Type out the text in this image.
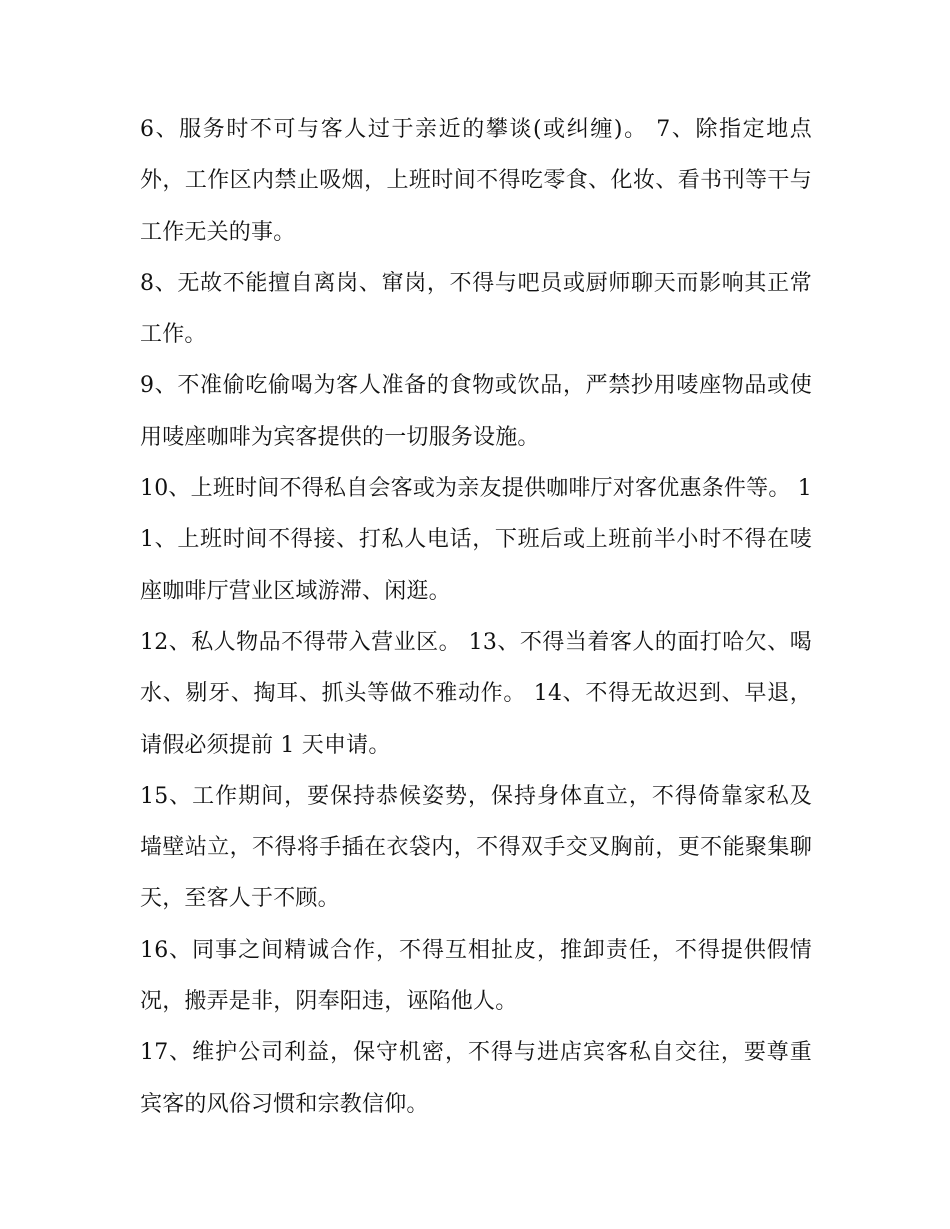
6、服务时不可与客人过于亲近的攀谈(或纠缠)。 7、除指定地点外，工作区内禁止吸烟，上班时间不得吃零食、化妆、看书刊等干与工作无关的事。

8、无故不能擅自离岗、窜岗，不得与吧员或厨师聊天而影响其正常工作。

9、不准偷吃偷喝为客人准备的食物或饮品，严禁抄用唛座物品或使用唛座咖啡为宾客提供的一切服务设施。

10、上班时间不得私自会客或为亲友提供咖啡厅对客优惠条件等。 11、上班时间不得接、打私人电话，下班后或上班前半小时不得在唛座咖啡厅营业区域游滞、闲逛。

12、私人物品不得带入营业区。 13、不得当着客人的面打哈欠、喝水、剔牙、掏耳、抓头等做不雅动作。 14、不得无故迟到、早退，请假必须提前 1 天申请。

15、工作期间，要保持恭候姿势，保持身体直立，不得倚靠家私及墙壁站立，不得将手插在衣袋内，不得双手交叉胸前，更不能聚集聊天，至客人于不顾。

16、同事之间精诚合作，不得互相扯皮，推卸责任，不得提供假情况，搬弄是非，阴奉阳违，诬陷他人。

17、维护公司利益，保守机密，不得与进店宾客私自交往，要尊重宾客的风俗习惯和宗教信仰。
